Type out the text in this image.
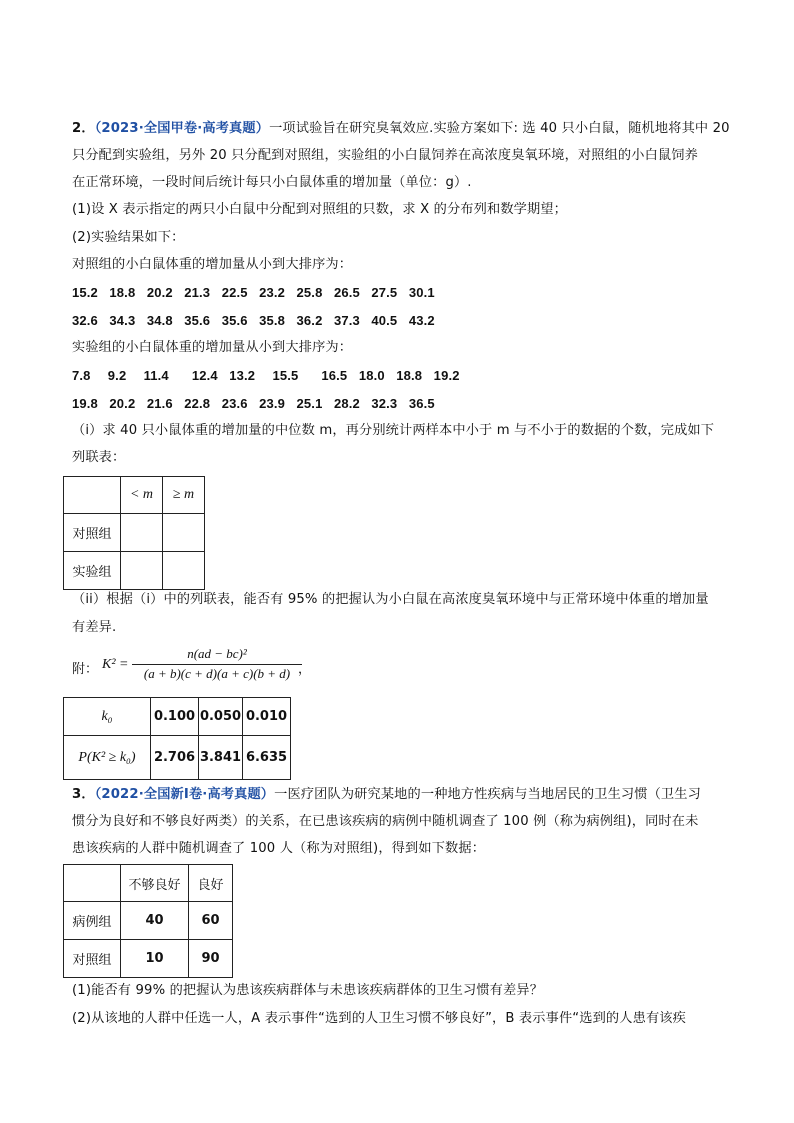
2．（2023·全国甲卷·高考真题）一项试验旨在研究臭氧效应.实验方案如下: 选 40 只小白鼠，随机地将其中 20
只分配到实验组，另外 20 只分配到对照组，实验组的小白鼠饲养在高浓度臭氧环境，对照组的小白鼠饲养
在正常环境，一段时间后统计每只小白鼠体重的增加量（单位：g）.
(1)设 X 表示指定的两只小白鼠中分配到对照组的只数，求 X 的分布列和数学期望；
(2)实验结果如下：
对照组的小白鼠体重的增加量从小到大排序为：
15.2  18.8  20.2  21.3  22.5  23.2  25.8  26.5  27.5  30.1
32.6  34.3  34.8  35.6  35.6  35.8  36.2  37.3  40.5  43.2
实验组的小白鼠体重的增加量从小到大排序为：
7.8   9.2   11.4    12.4  13.2   15.5    16.5  18.0  18.8  19.2
19.8  20.2  21.6  22.8  23.6  23.9  25.1  28.2  32.3  36.5
（i）求 40 只小鼠体重的增加量的中位数 m，再分别统计两样本中小于 m 与不小于的数据的个数，完成如下
列联表：
	< m	≥ m
对照组		
实验组		
（ii）根据（i）中的列联表，能否有 95% 的把握认为小白鼠在高浓度臭氧环境中与正常环境中体重的增加量
有差异.
附： K² =
n(ad − bc)²
(a + b)(c + d)(a + c)(b + d) ，
k₀	0.100	0.050	0.010
P(K² ≥ k₀)	2.706	3.841	6.635
3．（2022·全国新Ⅰ卷·高考真题）一医疗团队为研究某地的一种地方性疾病与当地居民的卫生习惯（卫生习
惯分为良好和不够良好两类）的关系，在已患该疾病的病例中随机调查了 100 例（称为病例组)，同时在未
患该疾病的人群中随机调查了 100 人（称为对照组)，得到如下数据：
	不够良好	良好
病例组	40	60
对照组	10	90
(1)能否有 99% 的把握认为患该疾病群体与未患该疾病群体的卫生习惯有差异？
(2)从该地的人群中任选一人，A 表示事件“选到的人卫生习惯不够良好”，B 表示事件“选到的人患有该疾
